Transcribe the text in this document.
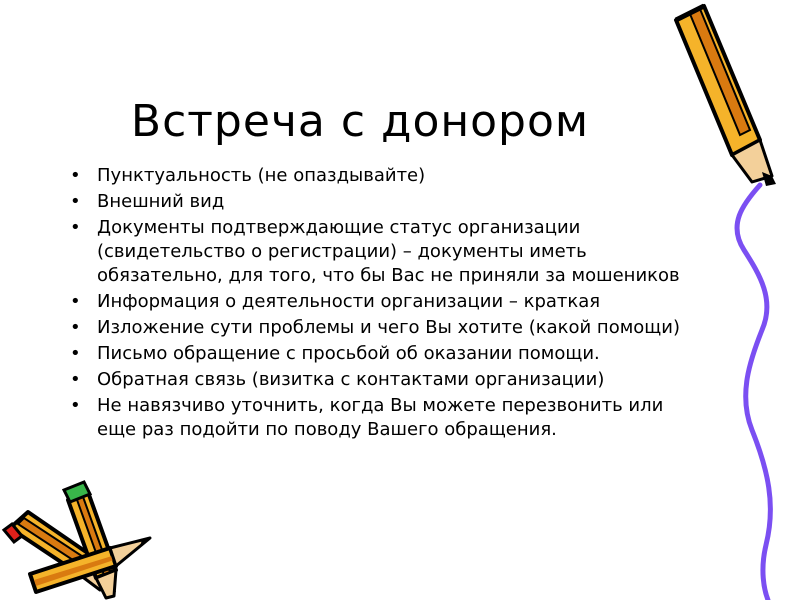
Встреча с донором
• Пунктуальность (не опаздывайте)
• Внешний вид
• Документы подтверждающие статус организации (свидетельство о регистрации) – документы иметь обязательно, для того, что бы Вас не приняли за мошеников
• Информация о деятельности организации – краткая
• Изложение сути проблемы и чего Вы хотите (какой помощи)
• Письмо обращение с просьбой об оказании помощи.
• Обратная связь (визитка с контактами организации)
• Не навязчиво уточнить, когда Вы можете перезвонить или еще раз подойти по поводу Вашего обращения.
